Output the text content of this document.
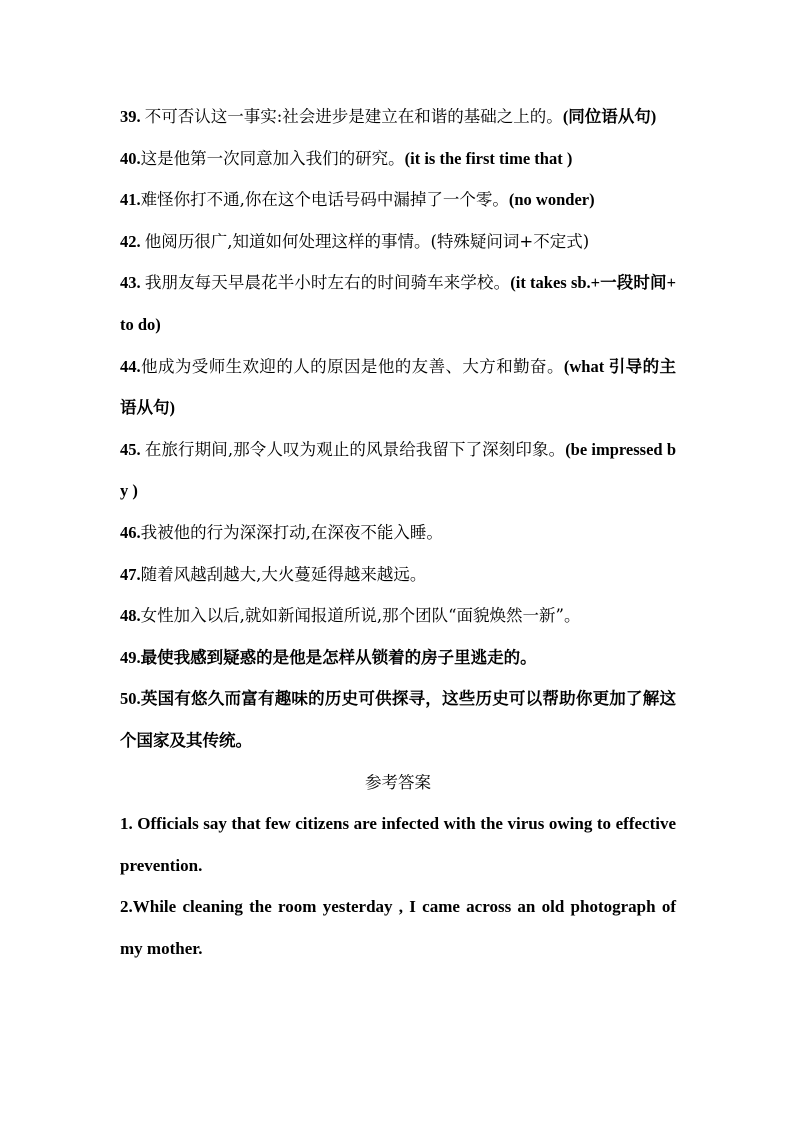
39. 不可否认这一事实:社会进步是建立在和谐的基础之上的。(同位语从句)

40.这是他第一次同意加入我们的研究。(it is the first time that )

41.难怪你打不通,你在这个电话号码中漏掉了一个零。(no wonder)

42. 他阅历很广,知道如何处理这样的事情。(特殊疑问词+不定式)

43. 我朋友每天早晨花半小时左右的时间骑车来学校。(it takes sb.+一段时间+to do)

44.他成为受师生欢迎的人的原因是他的友善、大方和勤奋。(what 引导的主语从句)

45. 在旅行期间,那令人叹为观止的风景给我留下了深刻印象。(be impressed by )

46.我被他的行为深深打动,在深夜不能入睡。

47.随着风越刮越大,大火蔓延得越来越远。

48.女性加入以后,就如新闻报道所说,那个团队“面貌焕然一新”。

49.最使我感到疑惑的是他是怎样从锁着的房子里逃走的。

50.英国有悠久而富有趣味的历史可供探寻，这些历史可以帮助你更加了解这个国家及其传统。

参考答案

1. Officials say that few citizens are infected with the virus owing to effective prevention.

2.While cleaning the room yesterday , I came across an old photograph of my mother.
